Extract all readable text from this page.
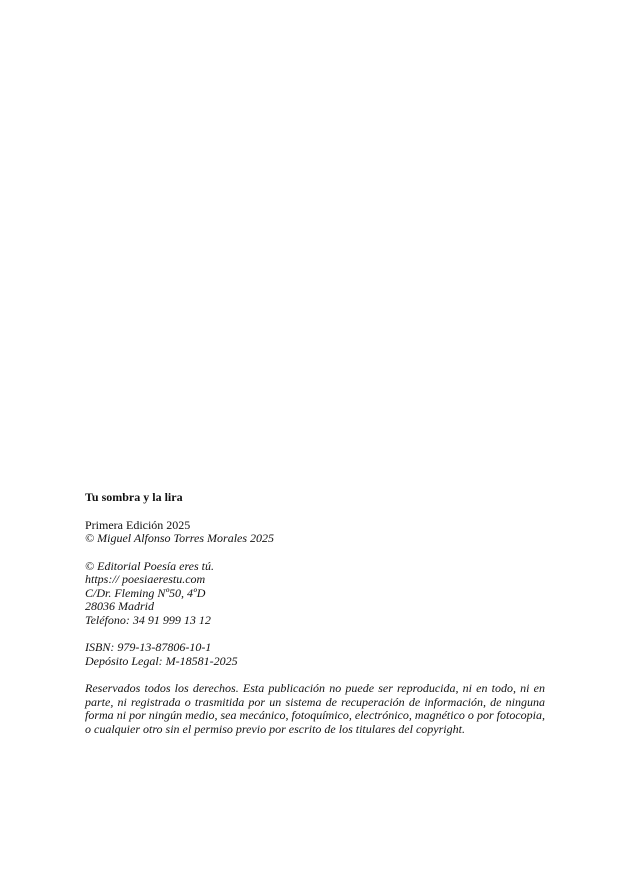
Tu sombra y la lira
Primera Edición 2025
© Miguel Alfonso Torres Morales 2025
© Editorial Poesía eres tú.
https:// poesiaerestu.com
C/Dr. Fleming Nº50, 4ºD
28036 Madrid
Teléfono: 34 91 999 13 12
ISBN: 979-13-87806-10-1
Depósito Legal: M-18581-2025

Reservados todos los derechos. Esta publicación no puede ser reproducida, ni en todo, ni en parte, ni registrada o trasmitida por un sistema de recuperación de información, de ninguna forma ni por ningún medio, sea mecánico, fotoquímico, electrónico, magnético o por fotocopia, o cualquier otro sin el permiso previo por escrito de los titulares del copyright.
